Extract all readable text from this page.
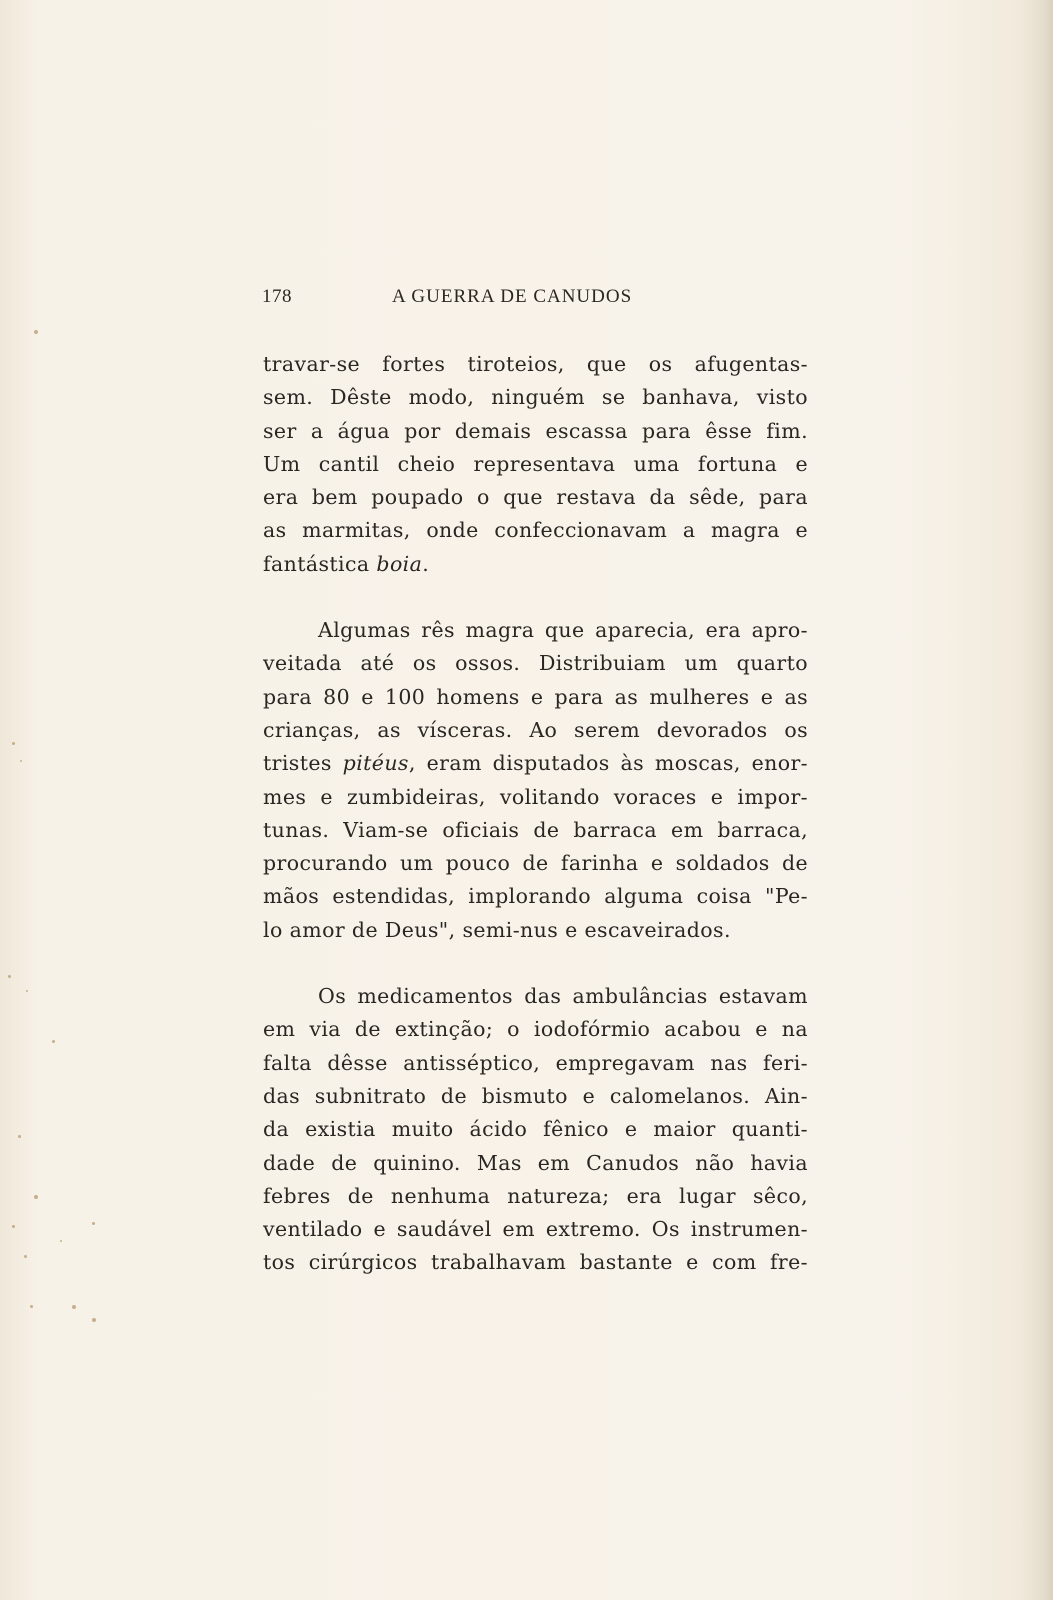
178	A GUERRA DE CANUDOS
travar-se fortes tiroteios, que os afugentas-
sem. Dêste modo, ninguém se banhava, visto
ser a água por demais escassa para êsse fim.
Um cantil cheio representava uma fortuna e
era bem poupado o que restava da sêde, para
as marmitas, onde confeccionavam a magra e
fantástica boia.
Algumas rês magra que aparecia, era apro-
veitada até os ossos. Distribuiam um quarto
para 80 e 100 homens e para as mulheres e as
crianças, as vísceras. Ao serem devorados os
tristes pitéus, eram disputados às moscas, enor-
mes e zumbideiras, volitando voraces e impor-
tunas. Viam-se oficiais de barraca em barraca,
procurando um pouco de farinha e soldados de
mãos estendidas, implorando alguma coisa "Pe-
lo amor de Deus", semi-nus e escaveirados.
Os medicamentos das ambulâncias estavam
em via de extinção; o iodofórmio acabou e na
falta dêsse antisséptico, empregavam nas feri-
das subnitrato de bismuto e calomelanos. Ain-
da existia muito ácido fênico e maior quanti-
dade de quinino. Mas em Canudos não havia
febres de nenhuma natureza; era lugar sêco,
ventilado e saudável em extremo. Os instrumen-
tos cirúrgicos trabalhavam bastante e com fre-
